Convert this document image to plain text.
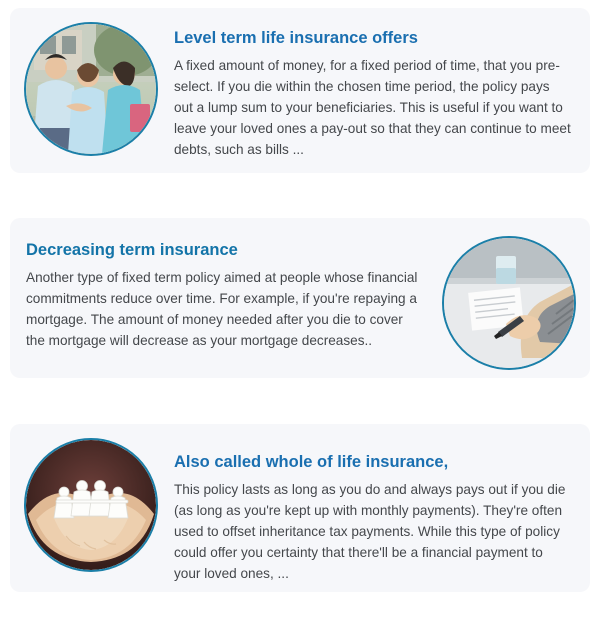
Level term life insurance offers

A fixed amount of money, for a fixed period of time, that you pre-select. If you die within the chosen time period, the policy pays out a lump sum to your beneficiaries. This is useful if you want to leave your loved ones a pay-out so that they can continue to meet debts, such as bills ...

Decreasing term insurance

Another type of fixed term policy aimed at people whose financial commitments reduce over time. For example, if you're repaying a mortgage. The amount of money needed after you die to cover the mortgage will decrease as your mortgage decreases..

Also called whole of life insurance,

This policy lasts as long as you do and always pays out if you die (as long as you're kept up with monthly payments). They're often used to offset inheritance tax payments. While this type of policy could offer you certainty that there'll be a financial payment to your loved ones, ...
